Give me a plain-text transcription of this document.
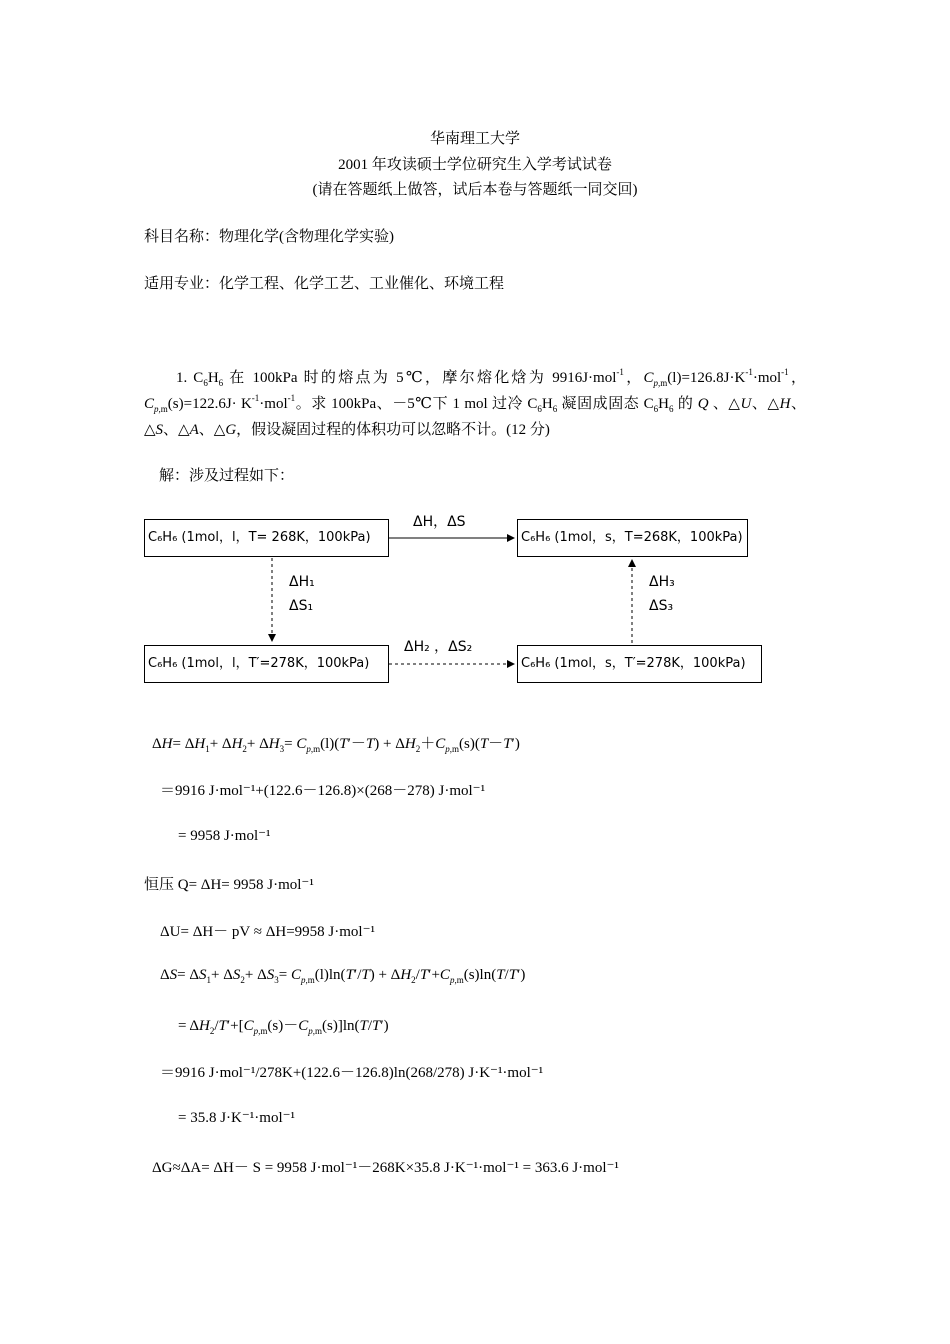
华南理工大学
2001 年攻读硕士学位研究生入学考试试卷
(请在答题纸上做答，试后本卷与答题纸一同交回)
科目名称：物理化学(含物理化学实验)
适用专业：化学工程、化学工艺、工业催化、环境工程
1. $C_6H_6$ 在 100kPa 时的熔点为 5℃，摩尔熔化焓为 9916J·mol$^{-1}$，$C_{p,m}(l)=126.8J\cdot K^{-1}\cdot mol^{-1}$，$C_{p,m}(s)=122.6J\cdot K^{-1}\cdot mol^{-1}$。求 100kPa、－5℃下 1 mol 过冷 $C_6H_6$ 凝固成固态 $C_6H_6$ 的 Q 、△U、△H、△S、△A、△G，假设凝固过程的体积功可以忽略不计。(12 分)
解：涉及过程如下：
C₆H₆ (1mol，l，T= 268K，100kPa)	C₆H₆ (1mol，s，T=268K，100kPa)
C₆H₆ (1mol，l，T′=278K，100kPa)	C₆H₆ (1mol，s，T′=278K，100kPa)
ΔH，ΔS
ΔH₁
ΔS₁
ΔH₃
ΔS₃
ΔH₂ ，ΔS₂
$\Delta H= \Delta H_1+ \Delta H_2+ \Delta H_3= C_{p,m}(l)(T'-T) + \Delta H_2+C_{p,m}(s)(T-T')$
＝9916 J·mol⁻¹+(122.6－126.8)×(268－278) J·mol⁻¹
= 9958 J·mol⁻¹
恒压 Q= ΔH= 9958 J·mol⁻¹
ΔU= ΔH－ pV ≈ ΔH=9958 J·mol⁻¹
$\Delta S= \Delta S_1+ \Delta S_2+ \Delta S_3= C_{p,m}(l)\ln(T'/T) + \Delta H_2/T'+C_{p,m}(s)\ln(T/T')$
= $\Delta H_2/T'+[C_{p,m}(s)-C_{p,m}(s)]\ln(T/T')$
＝9916 J·mol⁻¹/278K+(122.6－126.8)ln(268/278) J·K⁻¹·mol⁻¹
= 35.8 J·K⁻¹·mol⁻¹
ΔG≈ΔA= ΔH－ S = 9958 J·mol⁻¹－268K×35.8 J·K⁻¹·mol⁻¹ = 363.6 J·mol⁻¹
